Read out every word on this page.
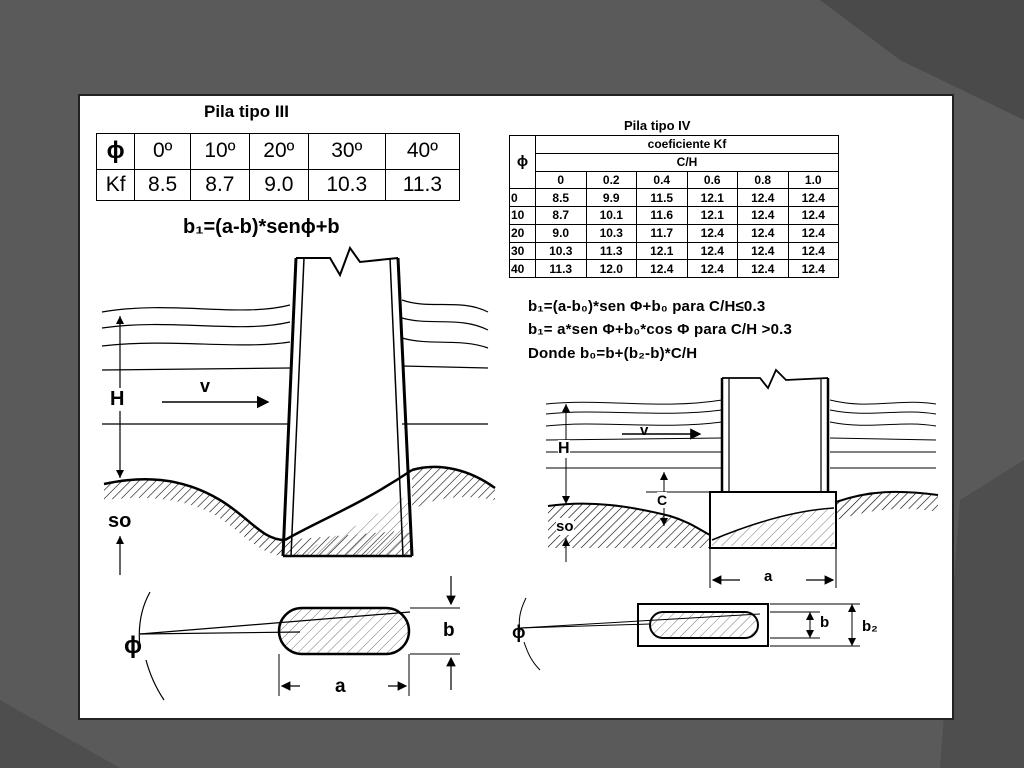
Pila tipo III
ϕ	0º	10º	20º	30º	40º
Kf	8.5	8.7	9.0	10.3	11.3
b₁=(a-b)*senϕ+b
Pila tipo IV
ϕ	coeficiente Kf					
	C/H					
	0	0.2	0.4	0.6	0.8	1.0
0	8.5	9.9	11.5	12.1	12.4	12.4
10	8.7	10.1	11.6	12.1	12.4	12.4
20	9.0	10.3	11.7	12.4	12.4	12.4
30	10.3	11.3	12.1	12.4	12.4	12.4
40	11.3	12.0	12.4	12.4	12.4	12.4
b₁=(a-b₀)*sen Φ+b₀ para C/H≤0.3
b₁= a*sen Φ+b₀*cos Φ para C/H >0.3
Donde b₀=b+(b₂-b)*C/H
v
H
so
ϕ
b
a
v
H
C
so
a
b b₂
ϕ
